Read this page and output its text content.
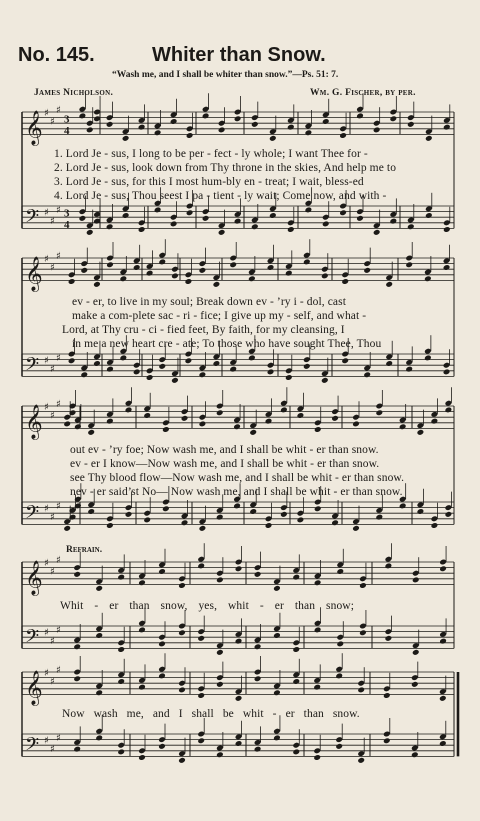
No. 145.	Whiter than Snow.
“Wash me, and I shall be whiter than snow.”—Ps. 51: 7.
James Nicholson.	Wm. G. Fischer, by per.
𝄞 ♯
♯
♯
3
4
𝄢 ♯
♯
♯ 3
4
𝄞 ♯
♯
♯
𝄢 ♯
♯
♯
𝄞 ♯
♯
♯
𝄢 ♯
♯
♯
𝄞 ♯
♯
♯
𝄢 ♯
♯
♯
𝄞 ♯
♯
♯
𝄢 ♯
♯
♯
1. Lord Je - sus, I long to be per - fect - ly whole; I want Thee for -
2. Lord Je - sus, look down from Thy throne in the skies, And help me to
3. Lord Je - sus, for this I most hum-bly en - treat; I wait, bless-ed
4. Lord Je - sus, Thou seest I pa - tient - ly wait; Come now, and with -
ev - er, to live in my soul; Break down ev - ’ry i - dol, cast
make a com-plete sac - ri - fice; I give up my - self, and what -
Lord, at Thy cru - ci - fied feet, By faith, for my cleansing, I
in me a new heart cre - ate; To those who have sought Thee, Thou
out ev - ’ry foe; Now wash me, and I shall be whit - er than snow.
ev - er I know—Now wash me, and I shall be whit - er than snow.
see Thy blood flow—Now wash me, and I shall be whit - er than snow.
nev - er said’st No— Now wash me, and I shall be whit - er than snow.
Refrain.
Whit - er than snow, yes, whit - er than snow;
Now wash me, and I shall be whit - er than snow.
